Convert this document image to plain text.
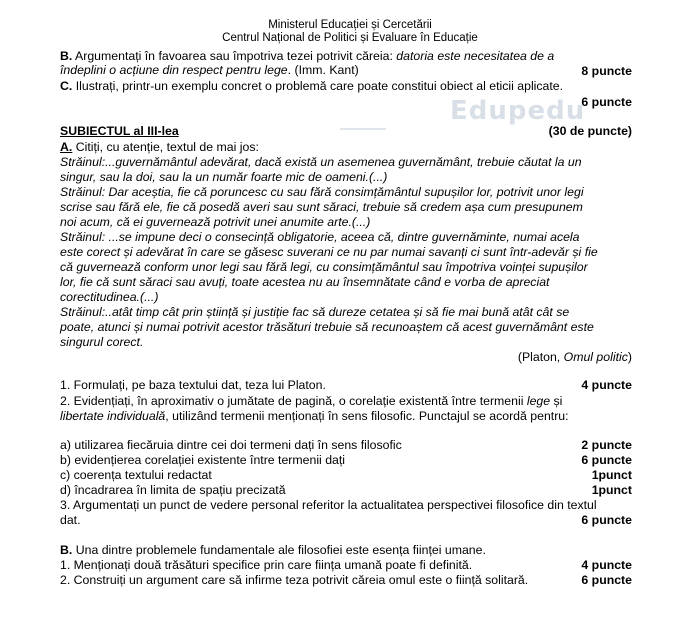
Edupedu
Ministerul Educației și Cercetării
Centrul Național de Politici și Evaluare în Educație
B. Argumentați în favoarea sau împotriva tezei potrivit căreia: datoria este necesitatea de a
îndeplini o acțiune din respect pentru lege. (Imm. Kant)	8 puncte
C. Ilustrați, printr-un exemplu concret o problemă care poate constitui obiect al eticii aplicate.
6 puncte
SUBIECTUL al III-lea	(30 de puncte)
A. Citiți, cu atenție, textul de mai jos:
Străinul:...guvernământul adevărat, dacă există un asemenea guvernământ, trebuie căutat la un
singur, sau la doi, sau la un număr foarte mic de oameni.(...)
Străinul: Dar aceștia, fie că poruncesc cu sau fără consimțământul supușilor lor, potrivit unor legi
scrise sau fără ele, fie că posedă averi sau sunt săraci, trebuie să credem așa cum presupunem
noi acum, că ei guvernează potrivit unei anumite arte.(...)
Străinul: ...se impune deci o consecință obligatorie, aceea că, dintre guvernăminte, numai acela
este corect și adevărat în care se găsesc suverani ce nu par numai savanți ci sunt într-adevăr și fie
că guvernează conform unor legi sau fără legi, cu consimțământul sau împotriva voinței supușilor
lor, fie că sunt săraci sau avuți, toate acestea nu au însemnătate când e vorba de apreciat
corectitudinea.(...)
Străinul:..atât timp cât prin știință și justiție fac să dureze cetatea și să fie mai bună atât cât se
poate, atunci și numai potrivit acestor trăsături trebuie să recunoaștem că acest guvernământ este
singurul corect.
(Platon, Omul politic)
1. Formulați, pe baza textului dat, teza lui Platon.	4 puncte
2. Evidențiați, în aproximativ o jumătate de pagină, o corelație existentă între termenii lege și
libertate individuală, utilizând termenii menționați în sens filosofic. Punctajul se acordă pentru:
a) utilizarea fiecăruia dintre cei doi termeni dați în sens filosofic	2 puncte
b) evidențierea corelației existente între termenii dați	6 puncte
c) coerența textului redactat	1punct
d) încadrarea în limita de spațiu precizată	1punct
3. Argumentați un punct de vedere personal referitor la actualitatea perspectivei filosofice din textul
dat.	6 puncte
B. Una dintre problemele fundamentale ale filosofiei este esența ființei umane.
1. Menționați două trăsături specifice prin care ființa umană poate fi definită.	4 puncte
2. Construiți un argument care să infirme teza potrivit căreia omul este o ființă solitară.	6 puncte
